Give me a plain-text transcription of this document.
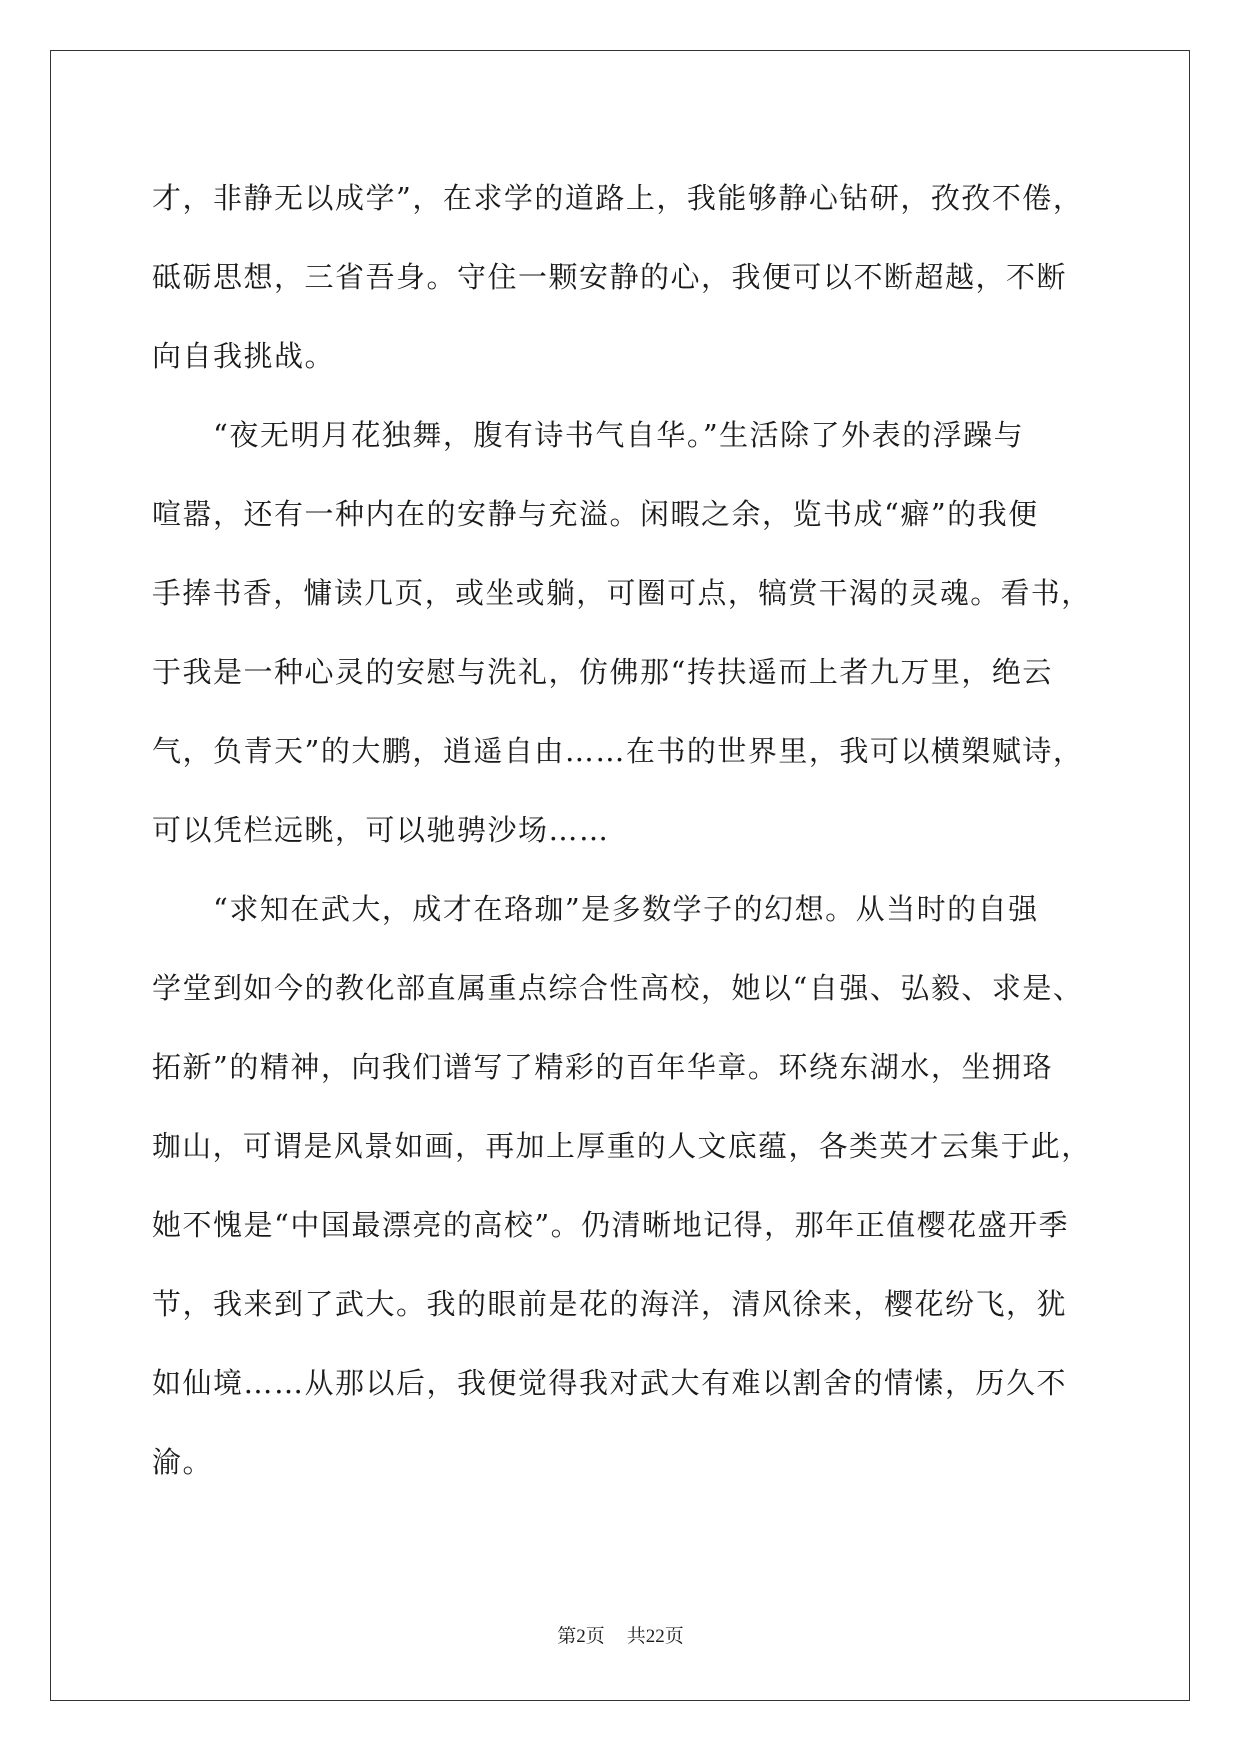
才，非静无以成学”，在求学的道路上，我能够静心钻研，孜孜不倦，
砥砺思想，三省吾身。守住一颗安静的心，我便可以不断超越，不断
向自我挑战。
　　“夜无明月花独舞，腹有诗书气自华。”生活除了外表的浮躁与
喧嚣，还有一种内在的安静与充溢。闲暇之余，览书成“癖”的我便
手捧书香，慵读几页，或坐或躺，可圈可点，犒赏干渴的灵魂。看书，
于我是一种心灵的安慰与洗礼，仿佛那“抟扶遥而上者九万里，绝云
气，负青天”的大鹏，逍遥自由……在书的世界里，我可以横槊赋诗，
可以凭栏远眺，可以驰骋沙场……
　　“求知在武大，成才在珞珈”是多数学子的幻想。从当时的自强
学堂到如今的教化部直属重点综合性高校，她以“自强、弘毅、求是、
拓新”的精神，向我们谱写了精彩的百年华章。环绕东湖水，坐拥珞
珈山，可谓是风景如画，再加上厚重的人文底蕴，各类英才云集于此，
她不愧是“中国最漂亮的高校”。仍清晰地记得，那年正值樱花盛开季
节，我来到了武大。我的眼前是花的海洋，清风徐来，樱花纷飞，犹
如仙境……从那以后，我便觉得我对武大有难以割舍的情愫，历久不
渝。
第2页 共22页
